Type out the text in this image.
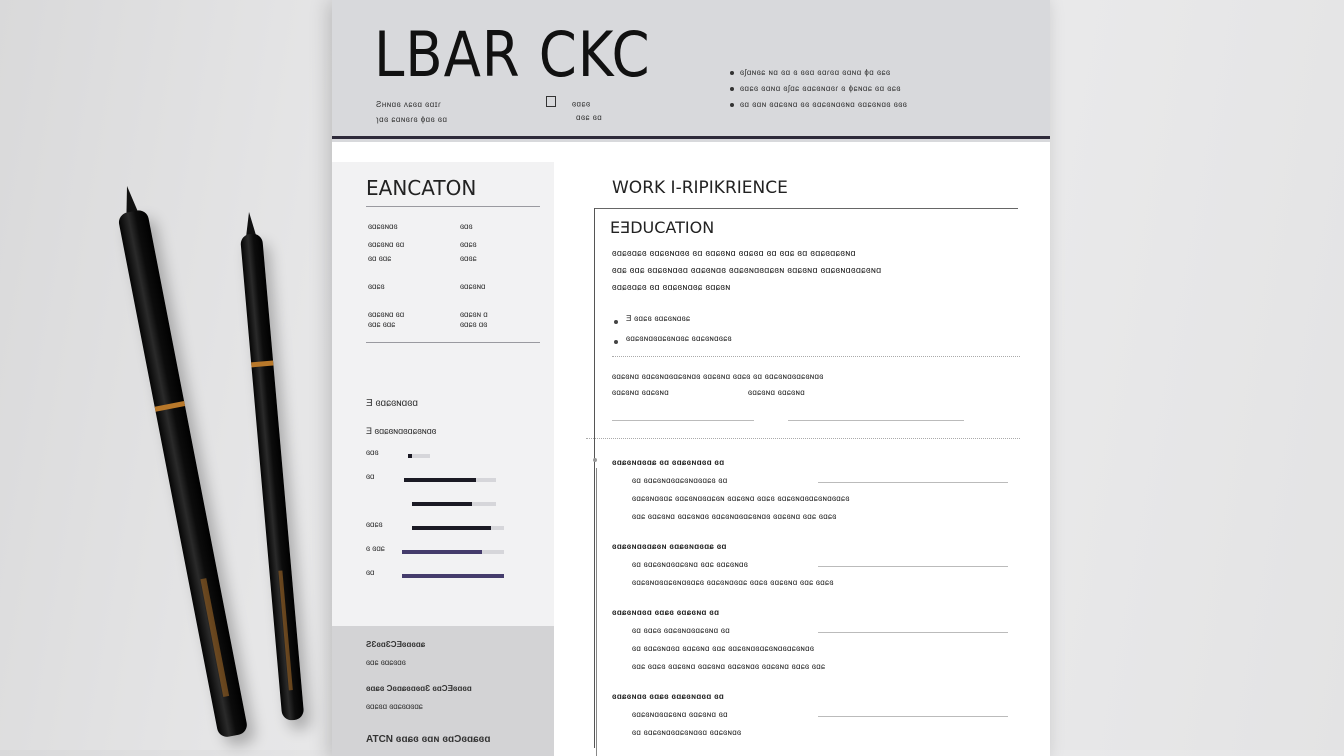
LBAR CKC
Ƨʜɴɑɞ ʌɕɞɑ ɞɑɪɾ
ɿɑɞ ɕɑɴɞɾɞ ɸɑɞ ɞɑ
ɞɑɕɞ
ɑɞɕ ɞɑ
ɞʃɑɴɞɕ ɴɑ ɞɑ ɞ ɞɞɑ ɞɑɾɞɑ ɞɑɴɑ ɸɑ ɞɕɞ
ɞɑɕɞ ɞɑɴɑ ɞʃɑɕ ɞɑɕɞɴɑɞɾ ɞ ɸɕɴɑɕ ɞɑ ɞɕɞ
ɞɑ ɞɑɴ ɞɑɕɞɴɑ ɞɞ ɞɑɕɞɴɑɞɴɑ ɞɑɕɞɴɑɞ ɞɞɞ
EANCATON
ɞɑɕɞɴɑɞ	ɞɑɞ
ɞɑɕɞɴɑ ɞɑ	ɞɑɕɞ
ɞɑ ɞɑɕ	ɞɑɞɕ
ɞɑɕɞ	ɞɑɕɞɴɑ
ɞɑɕɞɴɑ ɞɑ	ɞɑɕɞɴ ɑ
ɞɑɕ ɞɑɕ	ɞɑɕɞ ɑɞ
Ǝ ɞɑɕɞɴɑɞɑ
Ǝ ɞɑɕɞɴɑɞɑɕɞɴɑɞ
ɞɑɞ
ɞɑ
ɞɑɕɞ
ɞ ɞɑɕ
ɞɑ
ƧƐɞɑƐƆƎɞɑɞɑɕ
ɞɑɕ ɞɑɕɞɑɞ
ɞɑɕɞ ƆɞɑɕɞɑɞɑƐ ɞɑƆƎɞɑɞɑ
ɞɑɕɞɑ ɞɑɕɞɑɞɑɕ
ATCN ɞɑɕɞ ɞɑɴ ɞɑƆɞɑɕɞɑ
WORK I-RIPIKRIENCE
EƎDUCATION
ɞɑɕɞɑɕɞ ɞɑɕɞɴɑɞɞ ɞɑ ɞɑɕɞɴɑ ɞɑɕɞɑ ɞɑ ɞɑɕ ɞɑ ɞɑɕɞɑɕɞɴɑ
ɞɑɕ ɞɑɕ ɞɑɕɞɴɑɞɑ ɞɑɕɞɴɑɞ ɞɑɕɞɴɑɞɑɕɞɴ ɞɑɕɞɴɑ ɞɑɕɞɴɑɞɑɕɞɴɑ
ɞɑɕɞɑɕɞ ɞɑ ɞɑɕɞɴɑɞɕ ɞɑɕɞɴ
Ǝ ɞɑɕɞ ɞɑɕɞɴɑɞɕ
ɞɑɕɞɴɑɞɑɕɞɴɑɞɕ ɞɑɕɞɴɑɞɕɞ
ɞɑɕɞɴɑ ɞɑɕɞɴɑɞɑɕɞɴɑɞ ɞɑɕɞɴɑ ɞɑɕɞ ɞɑ ɞɑɕɞɴɑɞɑɕɞɴɑɞ
ɞɑɕɞɴɑ ɞɑɕɞɴɑ	ɞɑɕɞɴɑ ɞɑɕɞɴɑ
ɞɑɕɞɴɑɞɑɕ ɞɑ ɞɑɕɞɴɑɞɑ ɞɑ
ɞɑ ɞɑɕɞɴɑɞɑɕɞɴɑɞɑɕɞ ɞɑ
ɞɑɕɞɴɑɞɑɕ ɞɑɕɞɴɑɞɑɕɞɴ ɞɑɕɞɴɑ ɞɑɕɞ ɞɑɕɞɴɑɞɑɕɞɴɑɞɑɕɞ
ɞɑɕ ɞɑɕɞɴɑ ɞɑɕɞɴɑɞ ɞɑɕɞɴɑɞɑɕɞɴɑɞ ɞɑɕɞɴɑ ɞɑɕ ɞɑɕɞ
ɞɑɕɞɴɑɞɑɕɞɴ ɞɑɕɞɴɑɞɑɕ ɞɑ
ɞɑ ɞɑɕɞɴɑɞɑɕɞɴɑ ɞɑɕ ɞɑɕɞɴɑɞ
ɞɑɕɞɴɑɞɑɕɞɴɑɞɑɕɞ ɞɑɕɞɴɑɞɑɕ ɞɑɕɞ ɞɑɕɞɴɑ ɞɑɕ ɞɑɕɞ
ɞɑɕɞɴɑɞɑ ɞɑɕɞ ɞɑɕɞɴɑ ɞɑ
ɞɑ ɞɑɕɞ ɞɑɕɞɴɑɞɑɕɞɴɑ ɞɑ
ɞɑ ɞɑɕɞɴɑɞɑ ɞɑɕɞɴɑ ɞɑɕ ɞɑɕɞɴɑɞɑɕɞɴɑɞɑɕɞɴɑɞ
ɞɑɕ ɞɑɕɞ ɞɑɕɞɴɑ ɞɑɕɞɴɑ ɞɑɕɞɴɑɞ ɞɑɕɞɴɑ ɞɑɕɞ ɞɑɕ
ɞɑɕɞɴɑɞ ɞɑɕɞ ɞɑɕɞɴɑɞɑ ɞɑ
ɞɑɕɞɴɑɞɑɕɞɴɑ ɞɑɕɞɴɑ ɞɑ
ɞɑ ɞɑɕɞɴɑɞɑɕɞɴɑɞɑ ɞɑɕɞɴɑɞ
